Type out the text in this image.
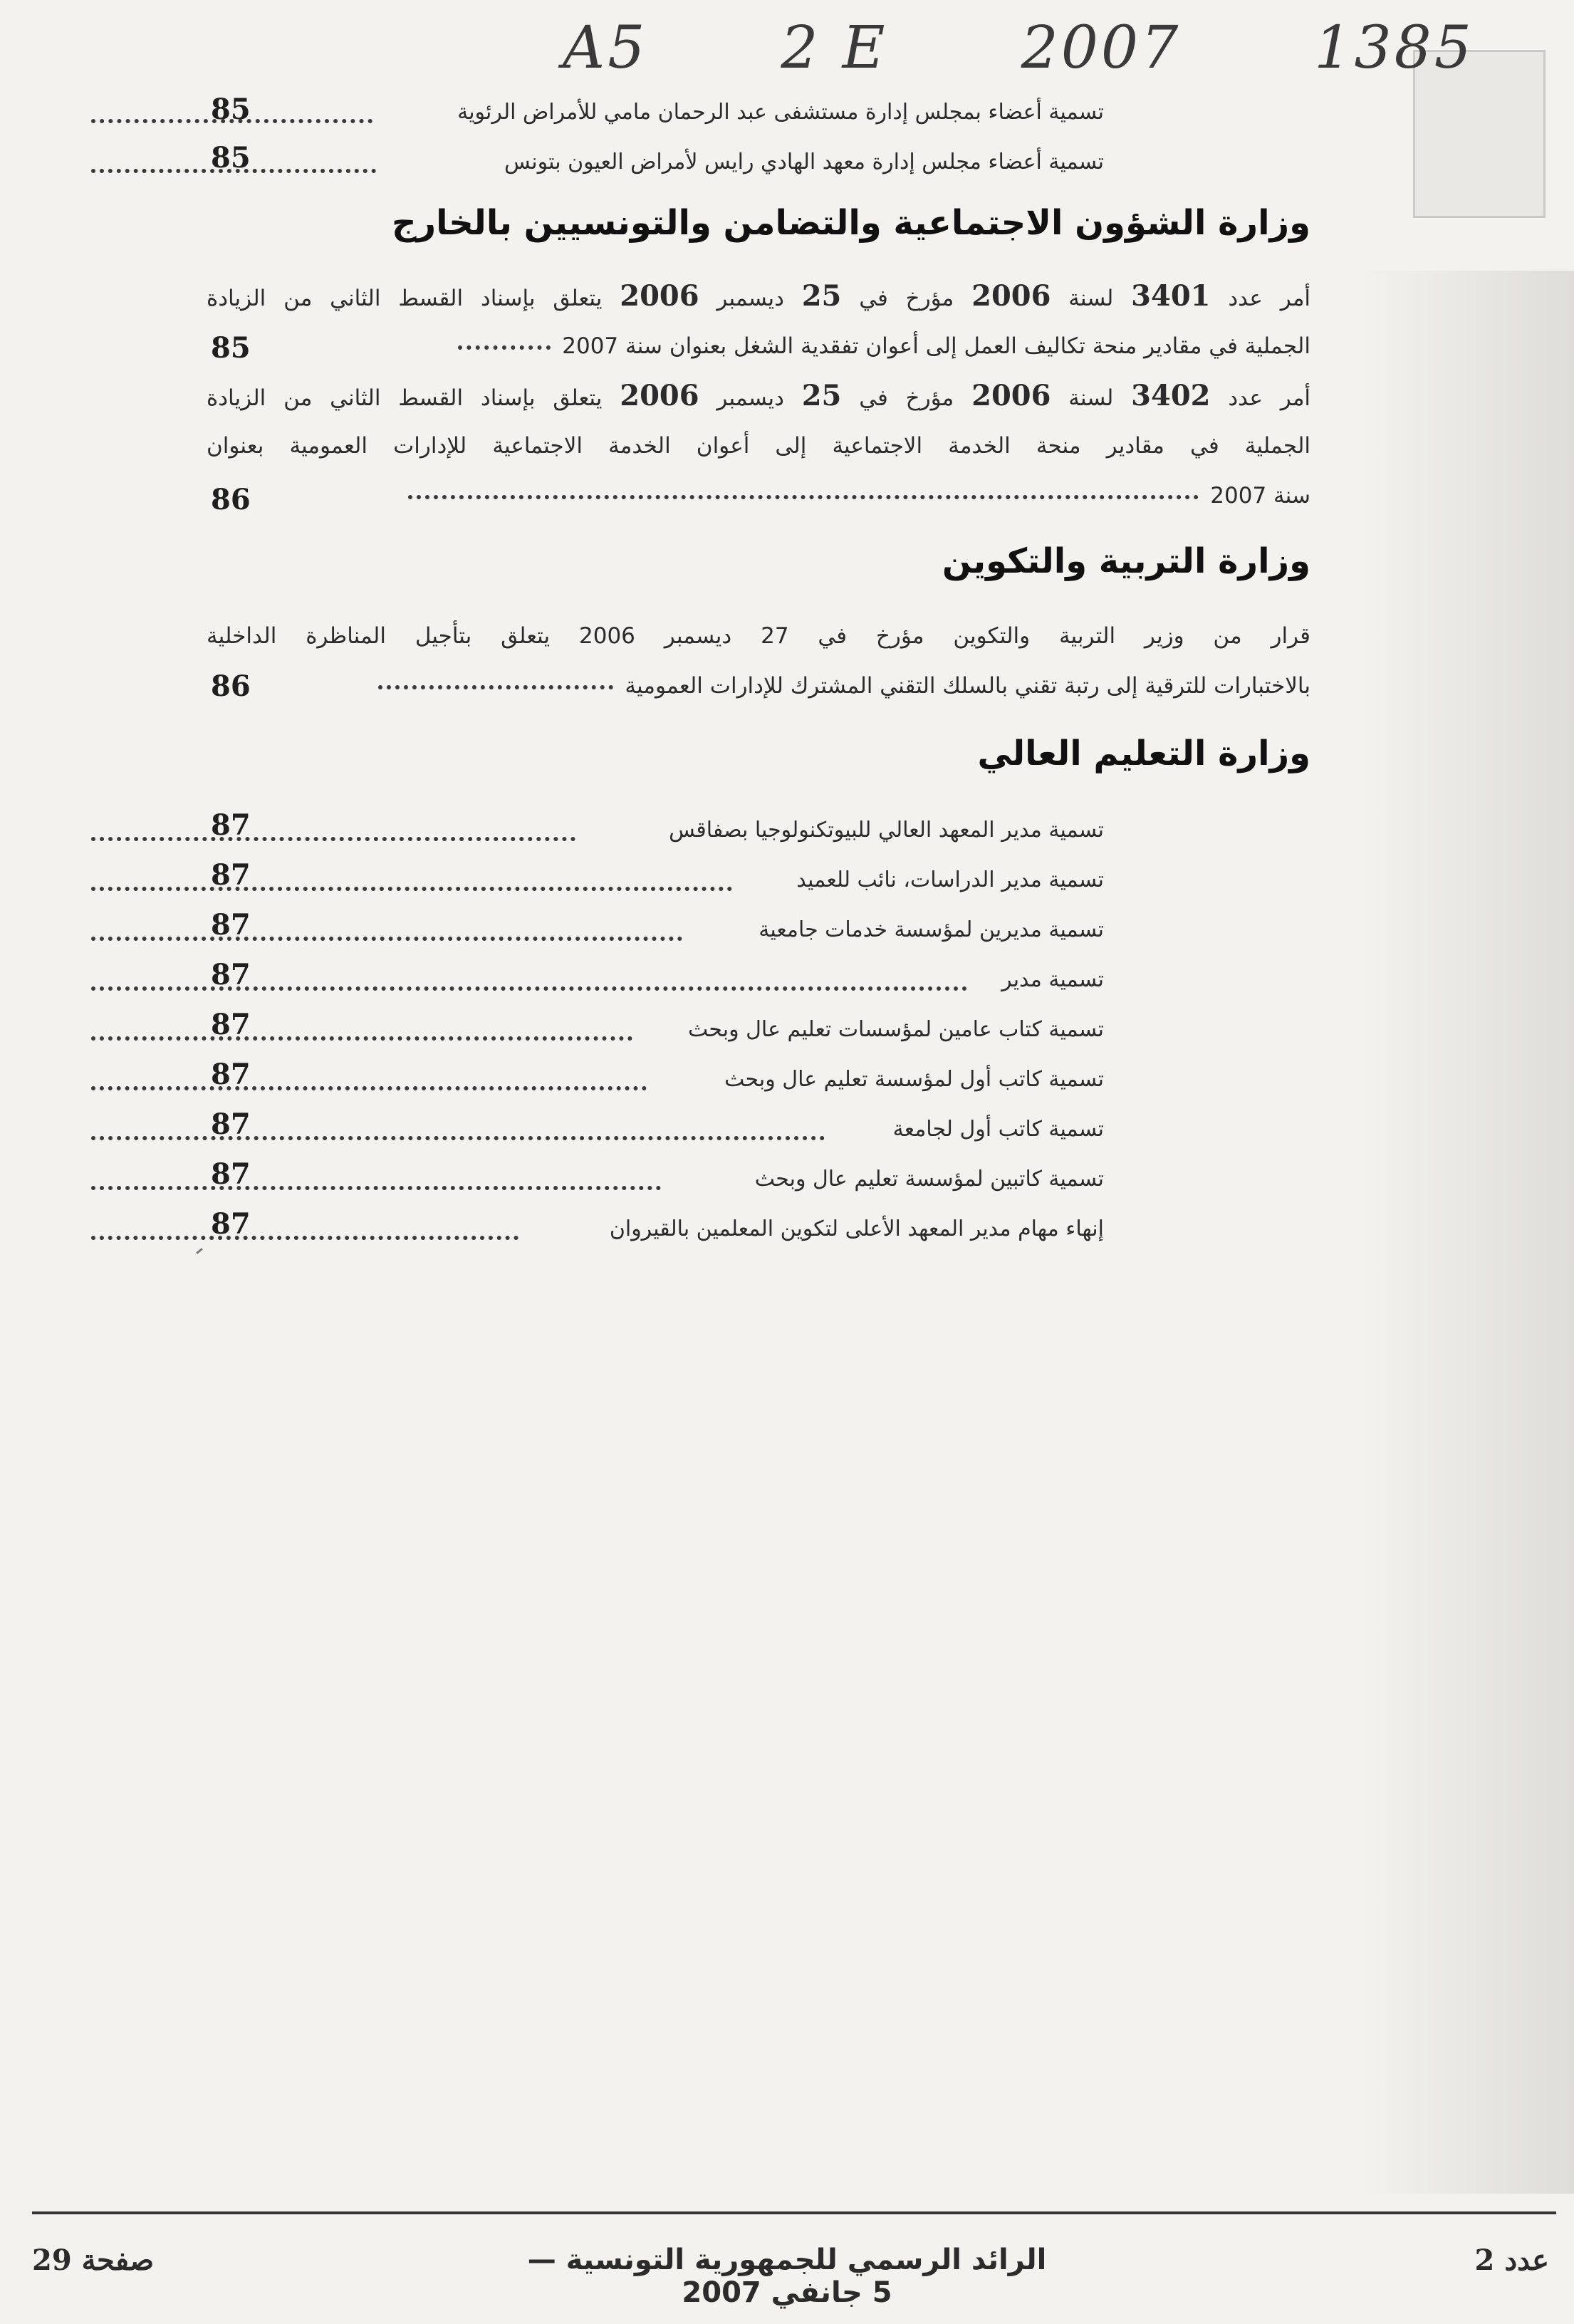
A5 2 E 2007 1385
تسمية أعضاء بمجلس إدارة مستشفى عبد الرحمان مامي للأمراض الرئوية
85
تسمية أعضاء مجلس إدارة معهد الهادي رايس لأمراض العيون بتونس
85
وزارة الشؤون الاجتماعية والتضامن والتونسيين بالخارج
أمر عدد 3401 لسنة 2006 مؤرخ في 25 ديسمبر 2006 يتعلق بإسناد القسط الثاني من الزيادة
الجملية في مقادير منحة تكاليف العمل إلى أعوان تفقدية الشغل بعنوان سنة 2007
أمر عدد 3402 لسنة 2006 مؤرخ في 25 ديسمبر 2006 يتعلق بإسناد القسط الثاني من الزيادة
الجملية في مقادير منحة الخدمة الاجتماعية إلى أعوان الخدمة الاجتماعية للإدارات العمومية بعنوان
سنة 2007
وزارة التربية والتكوين
قرار من وزير التربية والتكوين مؤرخ في 27 ديسمبر 2006 يتعلق بتأجيل المناظرة الداخلية
بالاختبارات للترقية إلى رتبة تقني بالسلك التقني المشترك للإدارات العمومية
وزارة التعليم العالي
85
86
86
تسمية مدير المعهد العالي للبيوتكنولوجيا بصفاقس
87
تسمية مدير الدراسات، نائب للعميد
87
تسمية مديرين لمؤسسة خدمات جامعية
87
تسمية مدير
87
تسمية كتاب عامين لمؤسسات تعليم عال وبحث
87
تسمية كاتب أول لمؤسسة تعليم عال وبحث
87
تسمية كاتب أول لجامعة
87
تسمية كاتبين لمؤسسة تعليم عال وبحث
87
إنهاء مهام مدير المعهد الأعلى لتكوين المعلمين بالقيروان
87
صفحة 29	الرائد الرسمي للجمهورية التونسية — 5 جانفي 2007
عدد 2
